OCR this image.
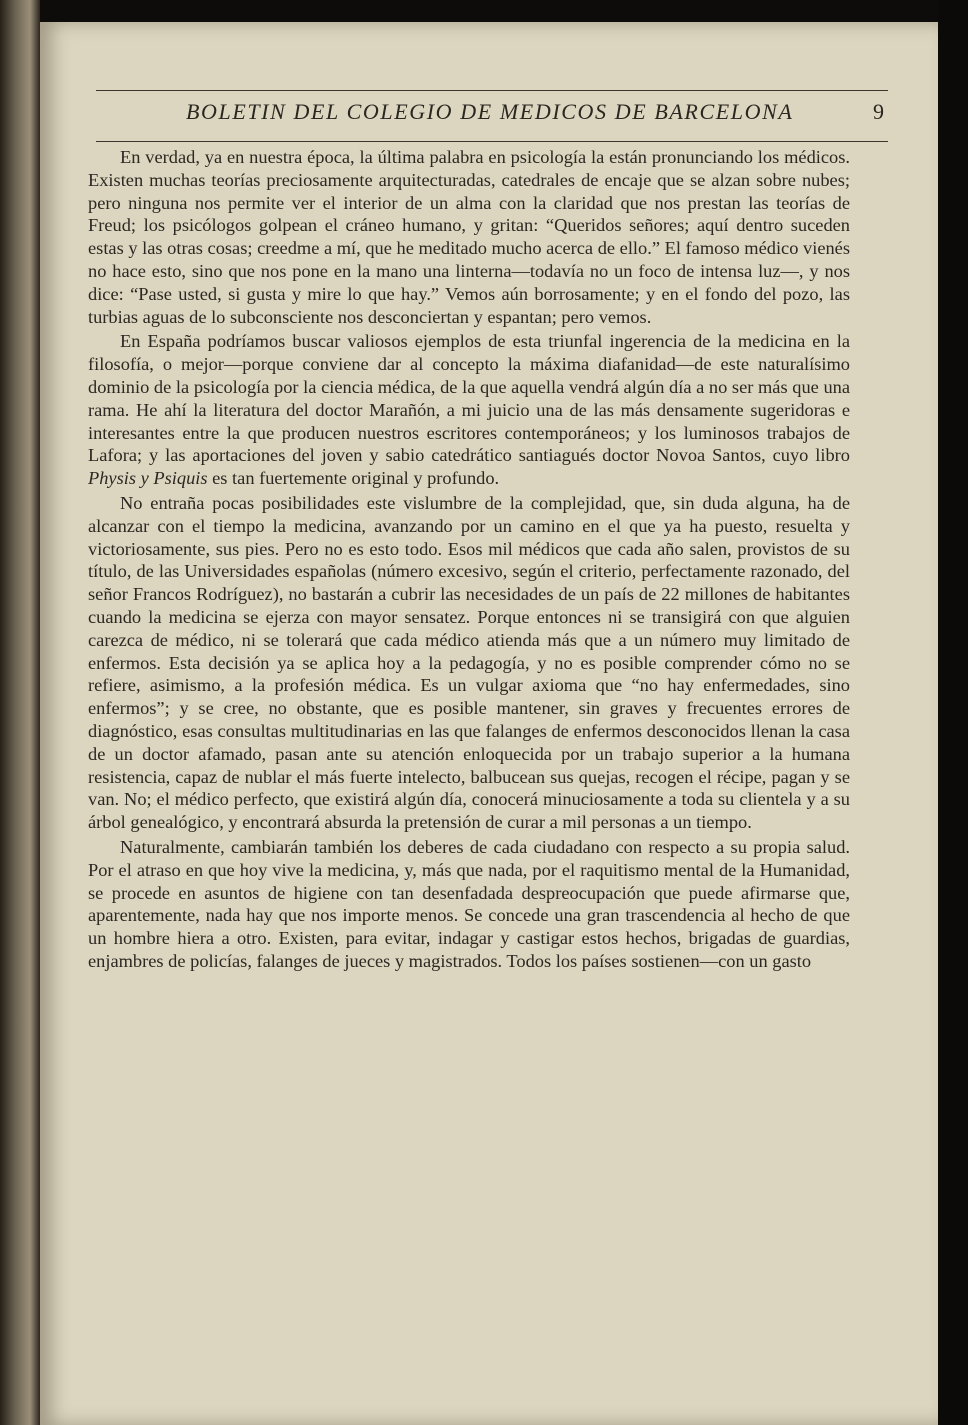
BOLETIN DEL COLEGIO DE MEDICOS DE BARCELONA	9

En verdad, ya en nuestra época, la última palabra en psicología la están pronunciando los médicos. Existen muchas teorías preciosamente arquitecturadas, catedrales de encaje que se alzan sobre nubes; pero ninguna nos permite ver el interior de un alma con la claridad que nos prestan las teorías de Freud; los psicólogos golpean el cráneo humano, y gritan: “Queridos señores; aquí dentro suceden estas y las otras cosas; creedme a mí, que he meditado mucho acerca de ello.” El famoso médico vienés no hace esto, sino que nos pone en la mano una linterna—todavía no un foco de intensa luz—, y nos dice: “Pase usted, si gusta y mire lo que hay.” Vemos aún borrosamente; y en el fondo del pozo, las turbias aguas de lo subconsciente nos desconciertan y espantan; pero vemos.

En España podríamos buscar valiosos ejemplos de esta triunfal ingerencia de la medicina en la filosofía, o mejor—porque conviene dar al concepto la máxima diafanidad—de este naturalísimo dominio de la psicología por la ciencia médica, de la que aquella vendrá algún día a no ser más que una rama. He ahí la literatura del doctor Marañón, a mi juicio una de las más densamente sugeridoras e interesantes entre la que producen nuestros escritores contemporáneos; y los luminosos trabajos de Lafora; y las aportaciones del joven y sabio catedrático santiagués doctor Novoa Santos, cuyo libro Physis y Psiquis es tan fuertemente original y profundo.

No entraña pocas posibilidades este vislumbre de la complejidad, que, sin duda alguna, ha de alcanzar con el tiempo la medicina, avanzando por un camino en el que ya ha puesto, resuelta y victoriosamente, sus pies. Pero no es esto todo. Esos mil médicos que cada año salen, provistos de su título, de las Universidades españolas (número excesivo, según el criterio, perfectamente razonado, del señor Francos Rodríguez), no bastarán a cubrir las necesidades de un país de 22 millones de habitantes cuando la medicina se ejerza con mayor sensatez. Porque entonces ni se transigirá con que alguien carezca de médico, ni se tolerará que cada médico atienda más que a un número muy limitado de enfermos. Esta decisión ya se aplica hoy a la pedagogía, y no es posible comprender cómo no se refiere, asimismo, a la profesión médica. Es un vulgar axioma que “no hay enfermedades, sino enfermos”; y se cree, no obstante, que es posible mantener, sin graves y frecuentes errores de diagnóstico, esas consultas multitudinarias en las que falanges de enfermos desconocidos llenan la casa de un doctor afamado, pasan ante su atención enloquecida por un trabajo superior a la humana resistencia, capaz de nublar el más fuerte intelecto, balbucean sus quejas, recogen el récipe, pagan y se van. No; el médico perfecto, que existirá algún día, conocerá minuciosamente a toda su clientela y a su árbol genealógico, y encontrará absurda la pretensión de curar a mil personas a un tiempo.

Naturalmente, cambiarán también los deberes de cada ciudadano con respecto a su propia salud. Por el atraso en que hoy vive la medicina, y, más que nada, por el raquitismo mental de la Humanidad, se procede en asuntos de higiene con tan desenfadada despreocupación que puede afirmarse que, aparentemente, nada hay que nos importe menos. Se concede una gran trascendencia al hecho de que un hombre hiera a otro. Existen, para evitar, indagar y castigar estos hechos, brigadas de guardias, enjambres de policías, falanges de jueces y magistrados. Todos los países sostienen—con un gasto
